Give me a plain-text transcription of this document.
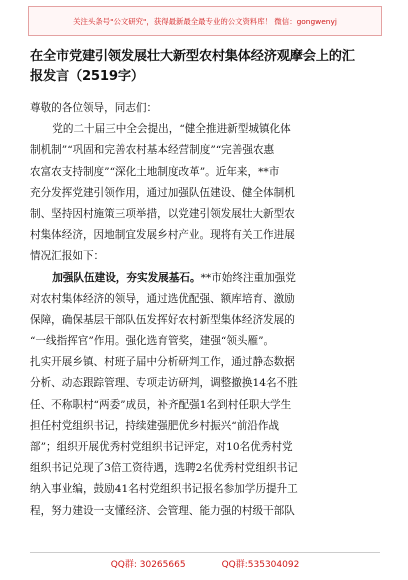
关注头条号"公文研究"，获得最新最全最专业的公文资料库！ 微信：gongwenyj
在全市党建引领发展壮大新型农村集体经济观摩会上的汇
报发言（2519字）
尊敬的各位领导，同志们：
党的二十届三中全会提出，“健全推进新型城镇化体
制机制”“巩固和完善农村基本经营制度”“完善强农惠
农富农支持制度”“深化土地制度改革”。近年来，**市
充分发挥党建引领作用，通过加强队伍建设、健全体制机
制、坚持因村施策三项举措，以党建引领发展壮大新型农
村集体经济，因地制宜发展乡村产业。现将有关工作进展
情况汇报如下：
加强队伍建设，夯实发展基石。**市始终注重加强党
对农村集体经济的领导，通过选优配强、额库培育、激励
保障，确保基层干部队伍发挥好农村新型集体经济发展的
“一线指挥官”作用。强化选育管奖，建强“领头雁”。
扎实开展乡镇、村班子届中分析研判工作，通过静态数据
分析、动态跟踪管理、专项走访研判，调整撤换14名不胜
任、不称职村“两委”成员，补齐配强1名到村任职大学生
担任村党组织书记，持续建强肥优乡村振兴“前沿作战
部”；组织开展优秀村党组织书记评定，对10名优秀村党
组织书记兑现了3倍工资待遇，选聘2名优秀村党组织书记
纳入事业编，鼓励41名村党组织书记报名参加学历提升工
程，努力建设一支懂经济、会管理、能力强的村级干部队
QQ群: 30265665	QQ群:535304092
